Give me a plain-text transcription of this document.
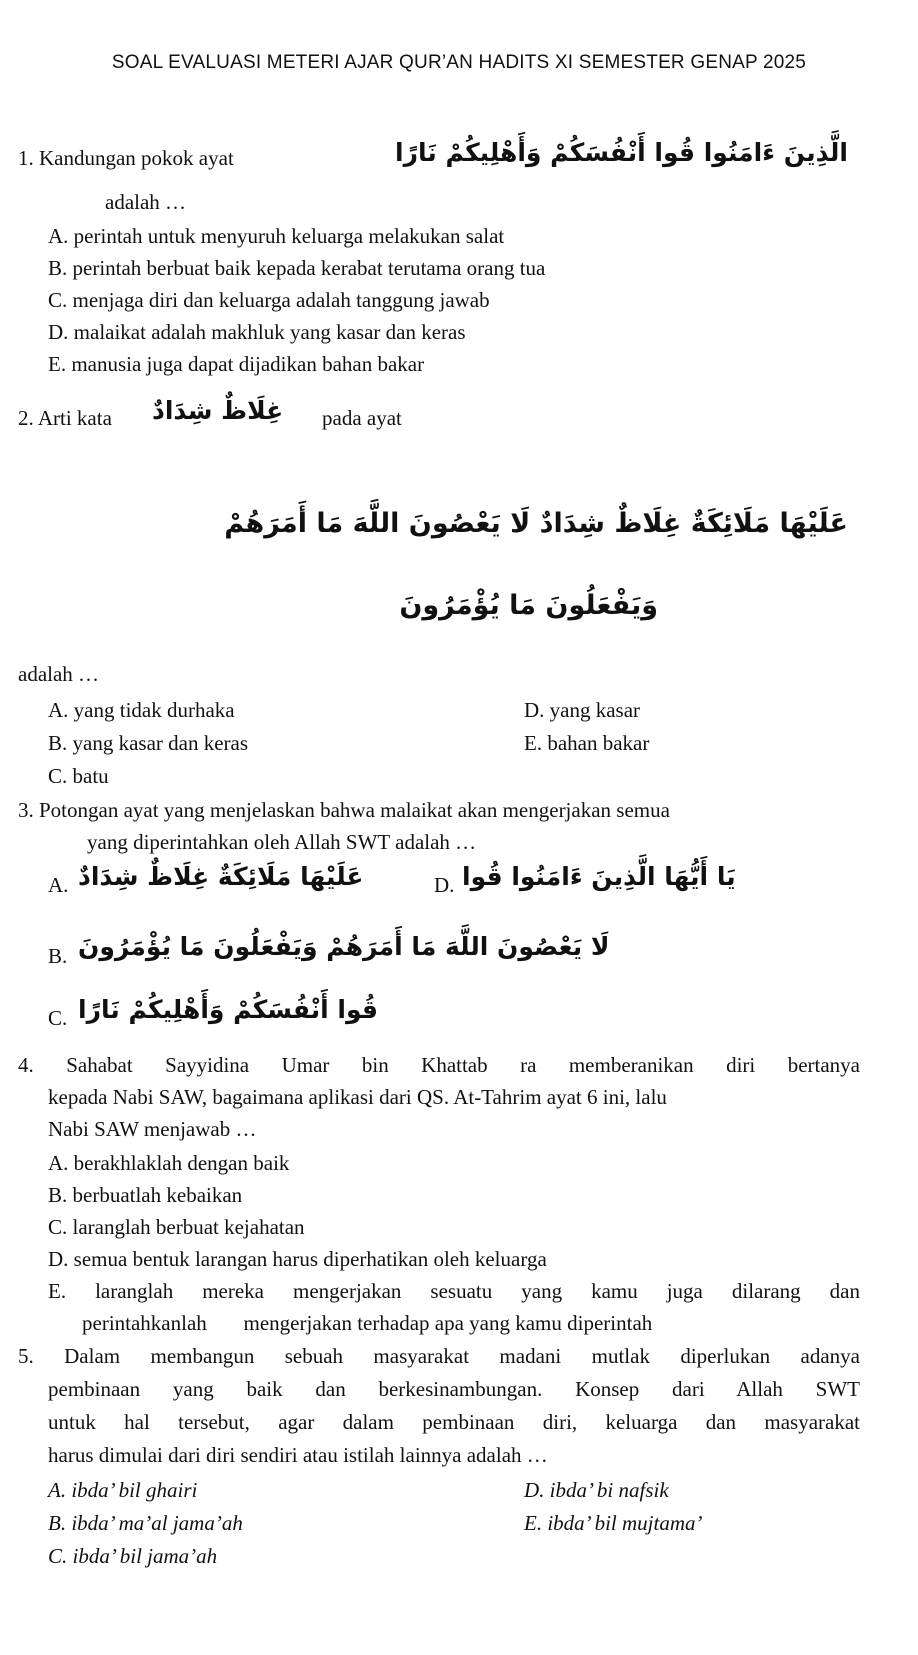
SOAL EVALUASI METERI AJAR QUR’AN HADITS XI SEMESTER GENAP 2025
1. Kandungan pokok ayat	الَّذِينَ ءَامَنُوا قُوا أَنْفُسَكُمْ وَأَهْلِيكُمْ نَارًا
adalah …
A. perintah untuk menyuruh keluarga melakukan salat
B. perintah berbuat baik kepada kerabat terutama orang tua
C. menjaga diri dan keluarga adalah tanggung jawab
D. malaikat adalah makhluk yang kasar dan keras
E. manusia juga dapat dijadikan bahan bakar
2. Arti kata غِلَاظٌ شِدَادٌ pada ayat
عَلَيْهَا مَلَائِكَةٌ غِلَاظٌ شِدَادٌ لَا يَعْصُونَ اللَّهَ مَا أَمَرَهُمْ
وَيَفْعَلُونَ مَا يُؤْمَرُونَ
adalah …
A. yang tidak durhaka
B. yang kasar dan keras
C. batu
D. yang kasar
E. bahan bakar
3. Potongan ayat yang menjelaskan bahwa malaikat akan mengerjakan semua
yang diperintahkan oleh Allah SWT adalah …
A. عَلَيْهَا مَلَائِكَةٌ غِلَاظٌ شِدَادٌ	D. يَا أَيُّهَا الَّذِينَ ءَامَنُوا قُوا
B. لَا يَعْصُونَ اللَّهَ مَا أَمَرَهُمْ وَيَفْعَلُونَ مَا يُؤْمَرُونَ
C. قُوا أَنْفُسَكُمْ وَأَهْلِيكُمْ نَارًا
4. Sahabat Sayyidina Umar bin Khattab ra memberanikan diri bertanya
kepada Nabi SAW, bagaimana aplikasi dari QS. At-Tahrim ayat 6 ini, lalu
Nabi SAW menjawab …
A. berakhlaklah dengan baik
B. berbuatlah kebaikan
C. laranglah berbuat kejahatan
D. semua bentuk larangan harus diperhatikan oleh keluarga
E. laranglah mereka mengerjakan sesuatu yang kamu juga dilarang dan
perintahkanlah       mengerjakan terhadap apa yang kamu diperintah
5. Dalam membangun sebuah masyarakat madani mutlak diperlukan adanya
pembinaan yang baik dan berkesinambungan. Konsep dari Allah SWT
untuk hal tersebut, agar dalam pembinaan diri, keluarga dan masyarakat
harus dimulai dari diri sendiri atau istilah lainnya adalah …
A. ibda’ bil ghairi
B. ibda’ ma’al jama’ah
C. ibda’ bil jama’ah
D. ibda’ bi nafsik
E. ibda’ bil mujtama’
